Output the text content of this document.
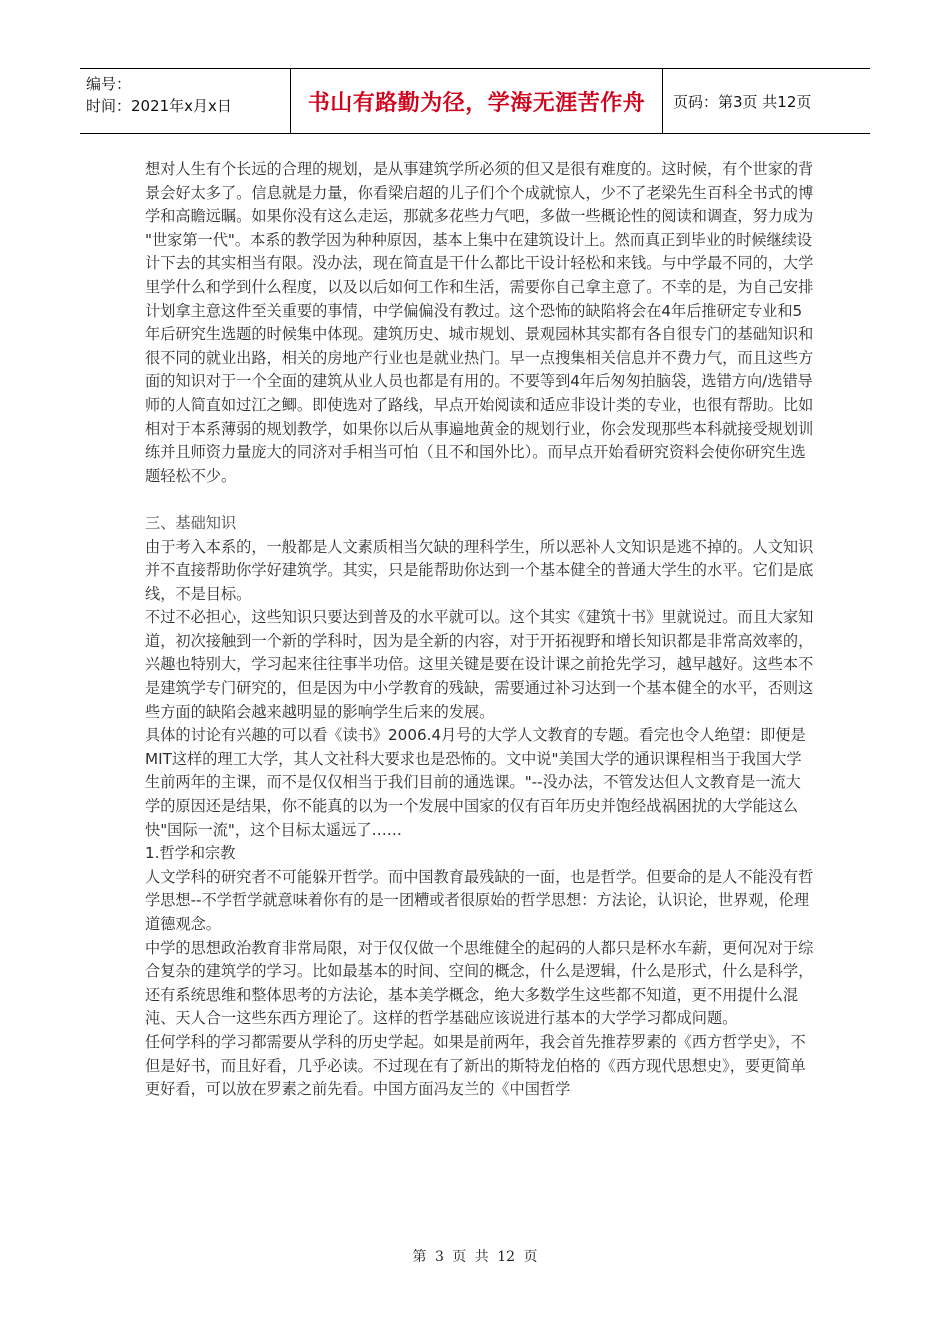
编号：
时间：2021年x月x日	书山有路勤为径，学海无涯苦作舟	页码：第3页 共12页

想对人生有个长远的合理的规划，是从事建筑学所必须的但又是很有难度的。这时候，有个世家的背景会好太多了。信息就是力量，你看梁启超的儿子们个个成就惊人，少不了老梁先生百科全书式的博学和高瞻远瞩。如果你没有这么走运，那就多花些力气吧，多做一些概论性的阅读和调查，努力成为 "世家第一代"。本系的教学因为种种原因，基本上集中在建筑设计上。然而真正到毕业的时候继续设计下去的其实相当有限。没办法，现在简直是干什么都比干设计轻松和来钱。与中学最不同的，大学里学什么和学到什么程度，以及以后如何工作和生活，需要你自己拿主意了。不幸的是，为自己安排计划拿主意这件至关重要的事情，中学偏偏没有教过。这个恐怖的缺陷将会在4年后推研定专业和5年后研究生选题的时候集中体现。建筑历史、城市规划、景观园林其实都有各自很专门的基础知识和很不同的就业出路，相关的房地产行业也是就业热门。早一点搜集相关信息并不费力气，而且这些方面的知识对于一个全面的建筑从业人员也都是有用的。不要等到4年后匆匆拍脑袋，选错方向/选错导师的人简直如过江之鲫。即使选对了路线，早点开始阅读和适应非设计类的专业，也很有帮助。比如相对于本系薄弱的规划教学，如果你以后从事遍地黄金的规划行业，你会发现那些本科就接受规划训练并且师资力量庞大的同济对手相当可怕（且不和国外比）。而早点开始看研究资料会使你研究生选题轻松不少。

三、基础知识

由于考入本系的，一般都是人文素质相当欠缺的理科学生，所以恶补人文知识是逃不掉的。人文知识并不直接帮助你学好建筑学。其实，只是能帮助你达到一个基本健全的普通大学生的水平。它们是底线，不是目标。

不过不必担心，这些知识只要达到普及的水平就可以。这个其实《建筑十书》里就说过。而且大家知道，初次接触到一个新的学科时，因为是全新的内容，对于开拓视野和增长知识都是非常高效率的，兴趣也特别大，学习起来往往事半功倍。这里关键是要在设计课之前抢先学习，越早越好。这些本不是建筑学专门研究的，但是因为中小学教育的残缺，需要通过补习达到一个基本健全的水平，否则这些方面的缺陷会越来越明显的影响学生后来的发展。

具体的讨论有兴趣的可以看《读书》2006.4月号的大学人文教育的专题。看完也令人绝望：即便是MIT这样的理工大学，其人文社科大要求也是恐怖的。文中说"美国大学的通识课程相当于我国大学生前两年的主课，而不是仅仅相当于我们目前的通选课。"--没办法，不管发达但人文教育是一流大学的原因还是结果，你不能真的以为一个发展中国家的仅有百年历史并饱经战祸困扰的大学能这么快"国际一流"，这个目标太遥远了……

1.哲学和宗教

人文学科的研究者不可能躲开哲学。而中国教育最残缺的一面，也是哲学。但要命的是人不能没有哲学思想--不学哲学就意味着你有的是一团糟或者很原始的哲学思想：方法论，认识论，世界观，伦理道德观念。

中学的思想政治教育非常局限，对于仅仅做一个思维健全的起码的人都只是杯水车薪，更何况对于综合复杂的建筑学的学习。比如最基本的时间、空间的概念，什么是逻辑，什么是形式，什么是科学，还有系统思维和整体思考的方法论，基本美学概念，绝大多数学生这些都不知道，更不用提什么混沌、天人合一这些东西方理论了。这样的哲学基础应该说进行基本的大学学习都成问题。

任何学科的学习都需要从学科的历史学起。如果是前两年，我会首先推荐罗素的《西方哲学史》，不但是好书，而且好看，几乎必读。不过现在有了新出的斯特龙伯格的《西方现代思想史》，要更简单更好看，可以放在罗素之前先看。中国方面冯友兰的《中国哲学

第 3 页 共 12 页
